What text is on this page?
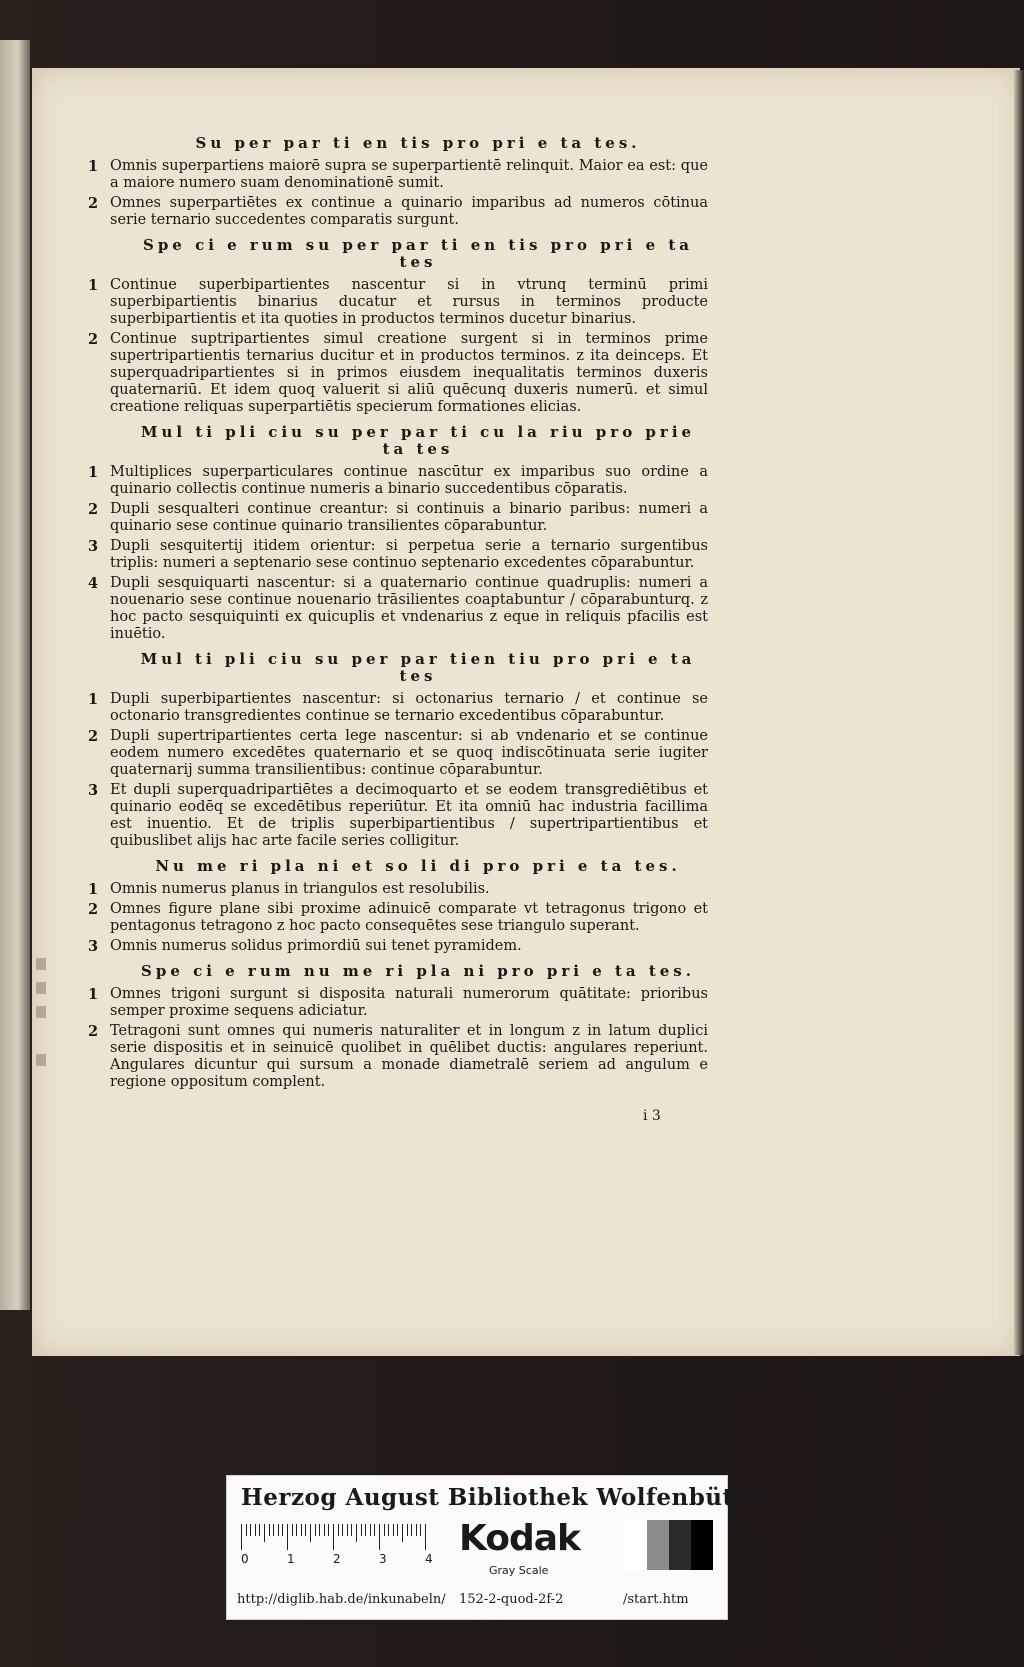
Su per par ti en tis pro pri e ta tes.
1 Omnis superpartiens maiorē supra se superpartientē relinquit. Maior ea est: que a maiore numero suam denominationē sumit.
2 Omnes superpartiētes ex continue a quinario imparibus ad numeros cōtinua serie ternario succedentes comparatis surgunt.
Spe ci e rum su per par ti en tis pro pri e ta tes
1 Continue superbipartientes nascentur si in vtrunq terminū primi superbipartientis binarius ducatur et rursus in terminos producte superbipartientis et ita quoties in productos terminos ducetur binarius.
2 Continue suptripartientes simul creatione surgent si in terminos prime supertripartientis ternarius ducitur et in productos terminos. z ita deinceps. Et superquadripartientes si in primos eiusdem inequalitatis terminos duxeris quaternariū. Et idem quoq valuerit si aliū quēcunq duxeris numerū. et simul creatione reliquas superpartiētis specierum formationes elicias.
Mul ti pli ciu su per par ti cu la riu pro prie ta tes
1 Multiplices superparticulares continue nascūtur ex imparibus suo ordine a quinario collectis continue numeris a binario succedentibus cōparatis.
2 Dupli sesqualteri continue creantur: si continuis a binario paribus: numeri a quinario sese continue quinario transilientes cōparabuntur.
3 Dupli sesquitertij itidem orientur: si perpetua serie a ternario surgentibus triplis: numeri a septenario sese continuo septenario excedentes cōparabuntur.
4 Dupli sesquiquarti nascentur: si a quaternario continue quadruplis: numeri a nouenario sese continue nouenario trāsilientes coaptabuntur / cōparabunturq. z hoc pacto sesquiquinti ex quicuplis et vndenarius z eque in reliquis pfacilis est inuētio.
Mul ti pli ciu su per par tien tiu pro pri e ta tes
1 Dupli superbipartientes nascentur: si octonarius ternario / et continue se octonario transgredientes continue se ternario excedentibus cōparabuntur.
2 Dupli supertripartientes certa lege nascentur: si ab vndenario et se continue eodem numero excedētes quaternario et se quoq indiscōtinuata serie iugiter quaternarij summa transilientibus: continue cōparabuntur.
3 Et dupli superquadripartiētes a decimoquarto et se eodem transgrediētibus et quinario eodēq se excedētibus reperiūtur. Et ita omniū hac industria facillima est inuentio. Et de triplis superbipartientibus / supertripartientibus et quibuslibet alijs hac arte facile series colligitur.
Nu me ri pla ni et so li di pro pri e ta tes.
1 Omnis numerus planus in triangulos est resolubilis.
2 Omnes figure plane sibi proxime adinuicē comparate vt tetragonus trigono et pentagonus tetragono z hoc pacto consequētes sese triangulo superant.
3 Omnis numerus solidus primordiū sui tenet pyramidem.
Spe ci e rum nu me ri pla ni pro pri e ta tes.
1 Omnes trigoni surgunt si disposita naturali numerorum quātitate: prioribus semper proxime sequens adiciatur.
2 Tetragoni sunt omnes qui numeris naturaliter et in longum z in latum duplici serie dispositis et in seinuicē quolibet in quēlibet ductis: angulares reperiunt. Angulares dicuntur qui sursum a monade diametralē seriem ad angulum e regione oppositum complent.
i 3
Herzog August Bibliothek Wolfenbüttel
0	1	2	3	4 Kodak
Gray Scale
http://diglib.hab.de/inkunabeln/ 152-2-quod-2f-2	/start.htm
